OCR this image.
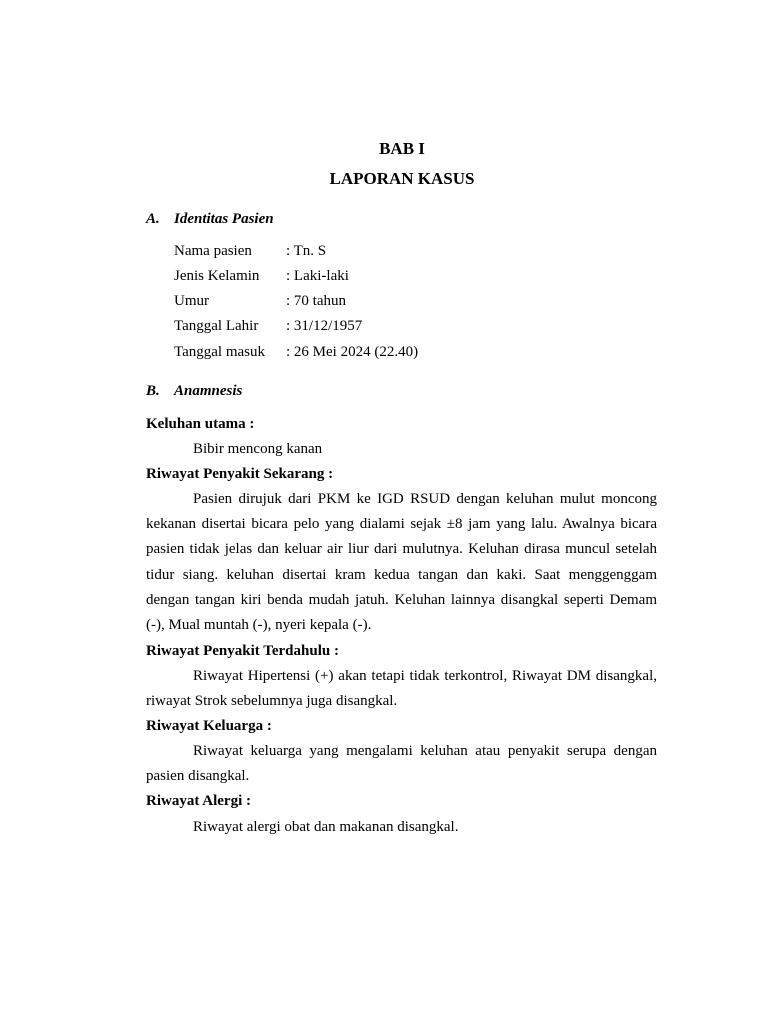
BAB I
LAPORAN KASUS
A. Identitas Pasien
Nama pasien : Tn. S
Jenis Kelamin : Laki-laki
Umur	: 70 tahun
Tanggal Lahir : 31/12/1957
Tanggal masuk : 26 Mei 2024 (22.40)
B. Anamnesis
Keluhan utama :

Bibir mencong kanan

Riwayat Penyakit Sekarang :

Pasien dirujuk dari PKM ke IGD RSUD dengan keluhan mulut moncong kekanan disertai bicara pelo yang dialami sejak ±8 jam yang lalu. Awalnya bicara pasien tidak jelas dan keluar air liur dari mulutnya. Keluhan dirasa muncul setelah tidur siang. keluhan disertai kram kedua tangan dan kaki. Saat menggenggam dengan tangan kiri benda mudah jatuh. Keluhan lainnya disangkal seperti Demam (-), Mual muntah (-), nyeri kepala (-).

Riwayat Penyakit Terdahulu :

Riwayat Hipertensi (+) akan tetapi tidak terkontrol, Riwayat DM disangkal, riwayat Strok sebelumnya juga disangkal.

Riwayat Keluarga :

Riwayat keluarga yang mengalami keluhan atau penyakit serupa dengan pasien disangkal.

Riwayat Alergi :

Riwayat alergi obat dan makanan disangkal.
